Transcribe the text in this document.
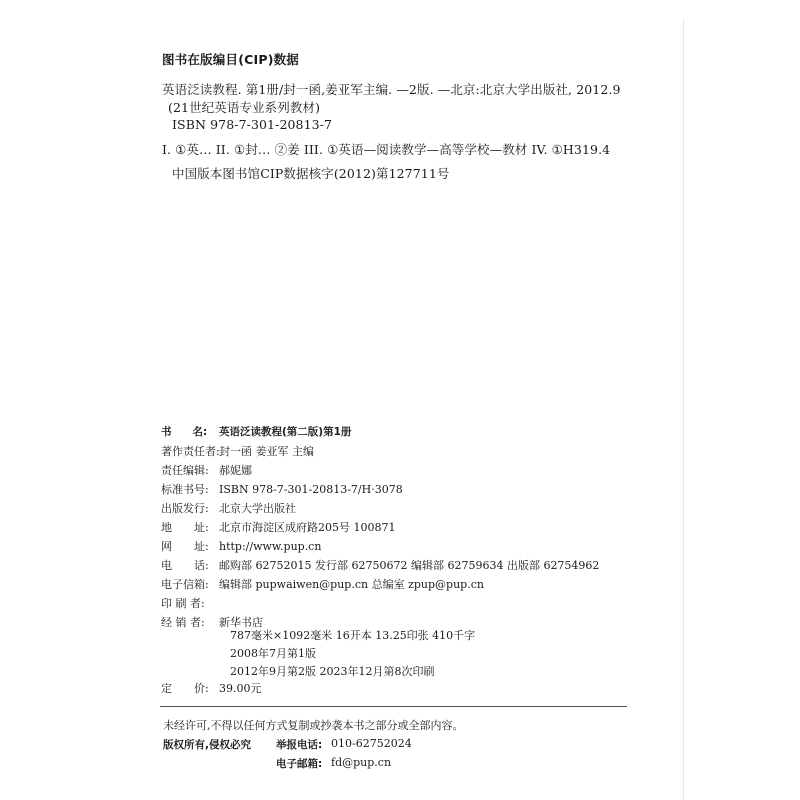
图书在版编目(CIP)数据
英语泛读教程. 第1册/封一函,姜亚军主编. —2版. —北京:北京大学出版社, 2012.9
(21世纪英语专业系列教材)
ISBN 978-7-301-20813-7
I. ①英… II. ①封… ②姜 III. ①英语—阅读教学—高等学校—教材 IV. ①H319.4
中国版本图书馆CIP数据核字(2012)第127711号
书　　名:	英语泛读教程(第二版)第1册
著作责任者: 封一函 姜亚军 主编
责任编辑: 郝妮娜
标准书号: ISBN 978-7-301-20813-7/H·3078
出版发行: 北京大学出版社
地　　址: 北京市海淀区成府路205号 100871
网　　址: http://www.pup.cn
电　　话: 邮购部 62752015 发行部 62750672 编辑部 62759634 出版部 62754962
电子信箱: 编辑部 pupwaiwen@pup.cn 总编室 zpup@pup.cn
印 刷 者:
经 销 者:	新华书店
定　　价: 39.00元
787毫米×1092毫米 16开本 13.25印张 410千字
2008年7月第1版
2012年9月第2版 2023年12月第8次印刷
未经许可,不得以任何方式复制或抄袭本书之部分或全部内容。
版权所有,侵权必究 举报电话: 010-62752024
电子邮箱: fd@pup.cn
